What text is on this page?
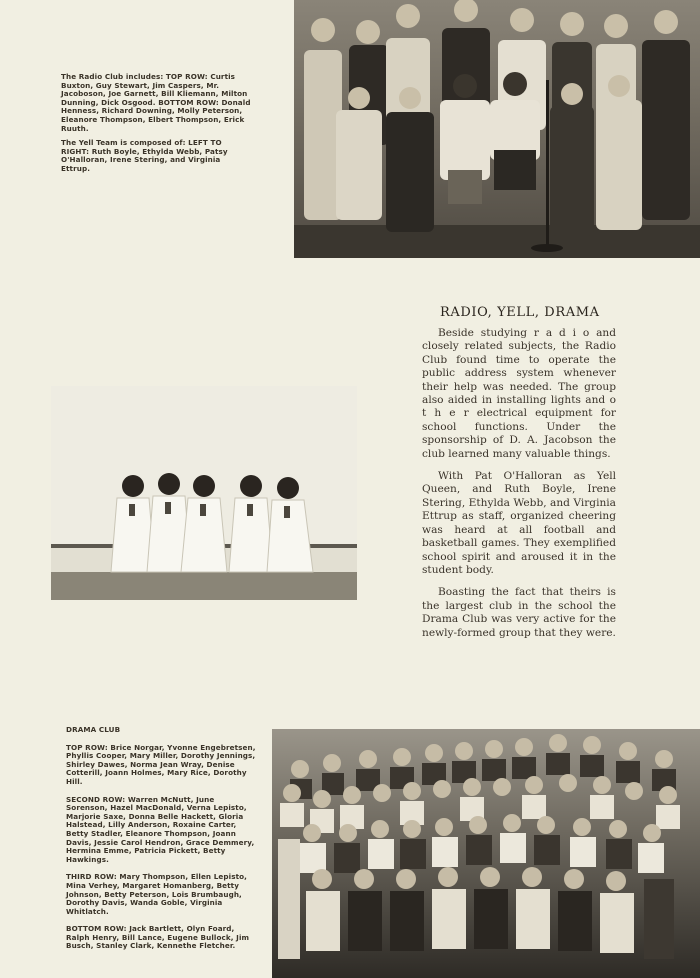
The Radio Club includes: TOP ROW: Curtis Buxton, Guy Stewart, Jim Caspers, Mr. Jacoboson, Joe Garnett, Bill Kliemann, Milton Dunning, Dick Osgood. BOTTOM ROW: Donald Henness, Richard Downing, Molly Peterson, Eleanore Thompson, Elbert Thompson, Erick Ruuth.

The Yell Team is composed of: LEFT TO RIGHT: Ruth Boyle, Ethylda Webb, Patsy O'Halloran, Irene Stering, and Virginia Ettrup.

RADIO, YELL, DRAMA

Beside studying r a d i o and closely related subjects, the Radio Club found time to operate the public address system whenever their help was needed. The group also aided in installing lights and o t h e r electrical equipment for school functions. Under the sponsorship of D. A. Jacobson the club learned many valuable things.

With Pat O'Halloran as Yell Queen, and Ruth Boyle, Irene Stering, Ethylda Webb, and Virginia Ettrup as staff, organized cheering was heard at all football and basketball games. They exemplified school spirit and aroused it in the student body.

Boasting the fact that theirs is the largest club in the school the Drama Club was very active for the newly-formed group that they were.

DRAMA CLUB

TOP ROW: Brice Norgar, Yvonne Engebretsen, Phyllis Cooper, Mary Miller, Dorothy Jennings, Shirley Dawes, Norma Jean Wray, Denise Cotterill, Joann Holmes, Mary Rice, Dorothy Hill.

SECOND ROW: Warren McNutt, June Sorenson, Hazel MacDonald, Verna Lepisto, Marjorie Saxe, Donna Belle Hackett, Gloria Halstead, Lilly Anderson, Roxaine Carter, Betty Stadler, Eleanore Thompson, Joann Davis, Jessie Carol Hendron, Grace Demmery, Hermina Emme, Patricia Pickett, Betty Hawkings.

THIRD ROW: Mary Thompson, Ellen Lepisto, Mina Verhey, Margaret Homanberg, Betty Johnson, Betty Peterson, Lois Brumbaugh, Dorothy Davis, Wanda Goble, Virginia Whitlatch.

BOTTOM ROW: Jack Bartlett, Olyn Foard, Ralph Henry, Bill Lance, Eugene Bullock, Jim Busch, Stanley Clark, Kennethe Fletcher.
